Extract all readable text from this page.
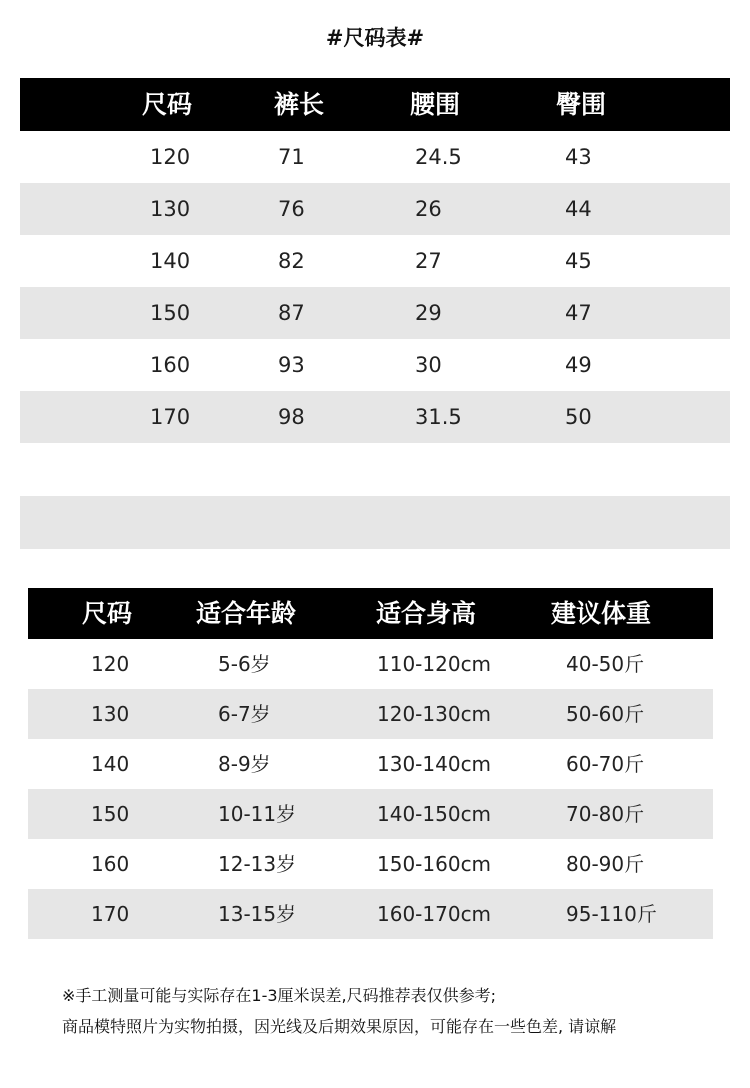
#尺码表#
尺码	裤长	腰围	臀围
120	71	24.5	43
130	76	26	44
140	82	27	45
150	87	29	47
160	93	30	49
170	98	31.5	50
尺码	适合年龄	适合身高	建议体重
120	5-6岁	110-120cm	40-50斤
130	6-7岁	120-130cm	50-60斤
140	8-9岁	130-140cm	60-70斤
150	10-11岁	140-150cm	70-80斤
160	12-13岁	150-160cm	80-90斤
170	13-15岁	160-170cm	95-110斤
※手工测量可能与实际存在1-3厘米误差,尺码推荐表仅供参考;
商品模特照片为实物拍摄，因光线及后期效果原因，可能存在一些色差, 请谅解
